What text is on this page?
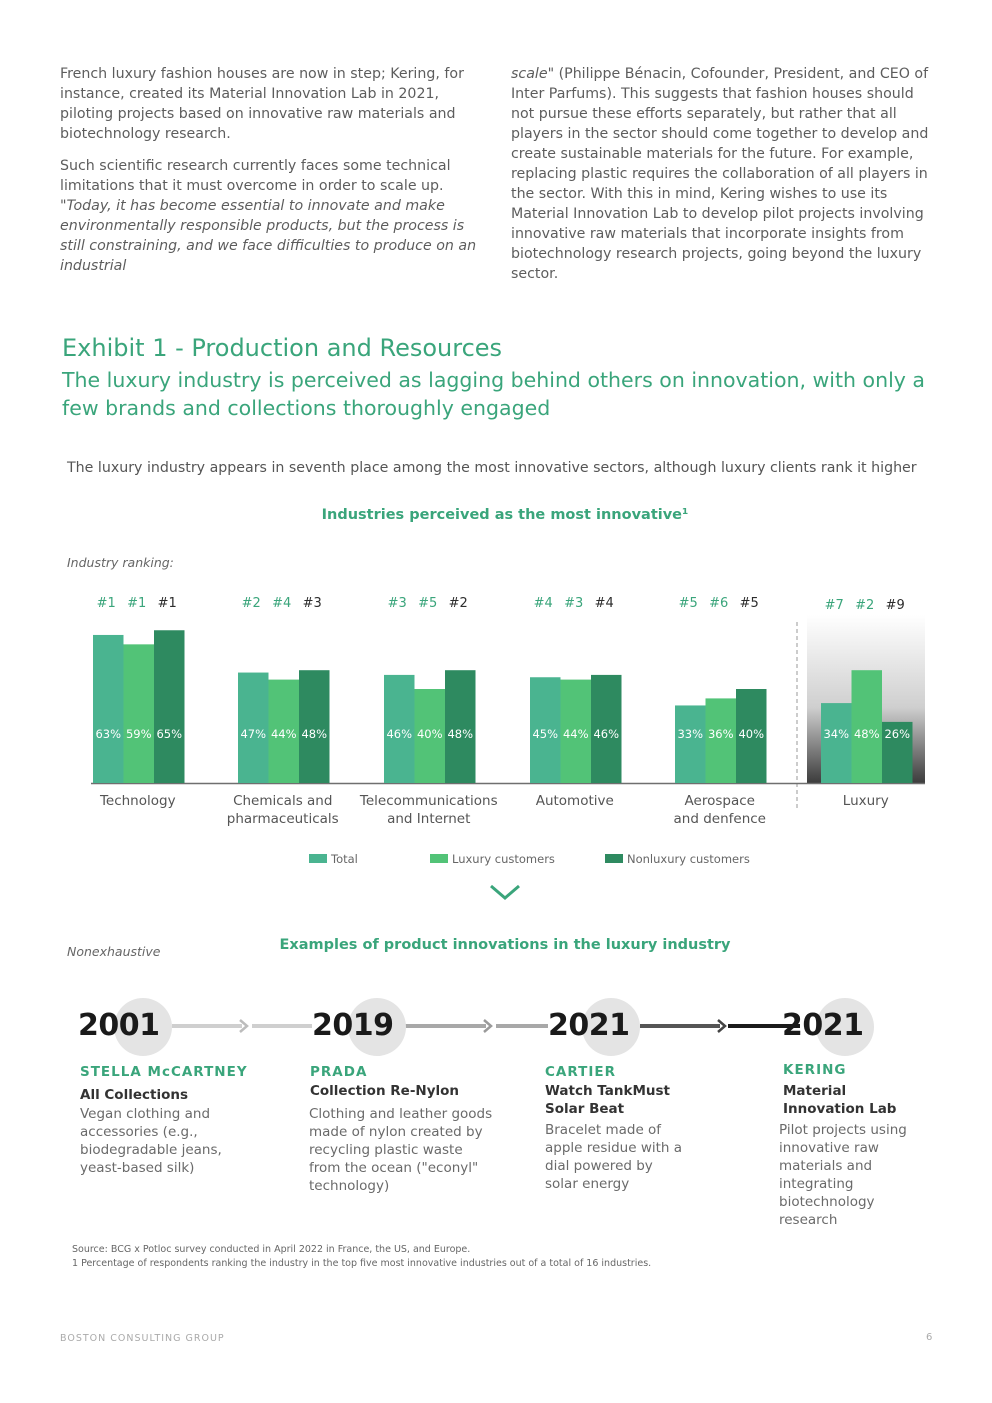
French luxury fashion houses are now in step; Kering, for instance, created its Material Innovation Lab in 2021, piloting projects based on innovative raw materials and biotechnology research.

Such scientific research currently faces some technical limitations that it must overcome in order to scale up. "Today, it has become essential to innovate and make environmentally responsible products, but the process is still constraining, and we face difficulties to produce on an industrial

scale" (Philippe Bénacin, Cofounder, President, and CEO of Inter Parfums). This suggests that fashion houses should not pursue these efforts separately, but rather that all players in the sector should come together to develop and create sustainable materials for the future. For example, replacing plastic requires the collaboration of all players in the sector. With this in mind, Kering wishes to use its Material Innovation Lab to develop pilot projects involving innovative raw materials that incorporate insights from biotechnology research projects, going beyond the luxury sector.

Exhibit 1 - Production and Resources
The luxury industry is perceived as lagging behind others on innovation, with only a few brands and collections thoroughly engaged
The luxury industry appears in seventh place among the most innovative sectors, although luxury clients rank it higher
Industries perceived as the most innovative¹
Industry ranking:
63%
#1
59%
#1
65%
#1
Technology
47%
#2
44%
#4
48%
#3
Chemicals and
pharmaceuticals
46%
#3
40%
#5
48%
#2
Telecommunications
and Internet
45%
#4
44%
#3
46%
#4
Automotive
33%
#5
36%
#6
40%
#5
Aerospace
and denfence
34%
#7
48%
#2
26%
#9
Luxury
Total	Luxury customers	Nonluxury customers
Nonexhaustive	Examples of product innovations in the luxury industry
2001	2019	2021	2021
STELLA McCARTNEY
All Collections
Vegan clothing and accessories (e.g., biodegradable jeans, yeast-based silk)
PRADA
Collection Re-Nylon
Clothing and leather goods made of nylon created by recycling plastic waste from the ocean ("econyl" technology)
CARTIER
Watch TankMust Solar Beat
Bracelet made of apple residue with a dial powered by solar energy
KERING
Material Innovation Lab
Pilot projects using innovative raw materials and integrating biotechnology research
Source: BCG x Potloc survey conducted in April 2022 in France, the US, and Europe.
1 Percentage of respondents ranking the industry in the top five most innovative industries out of a total of 16 industries.
BOSTON CONSULTING GROUP	6
